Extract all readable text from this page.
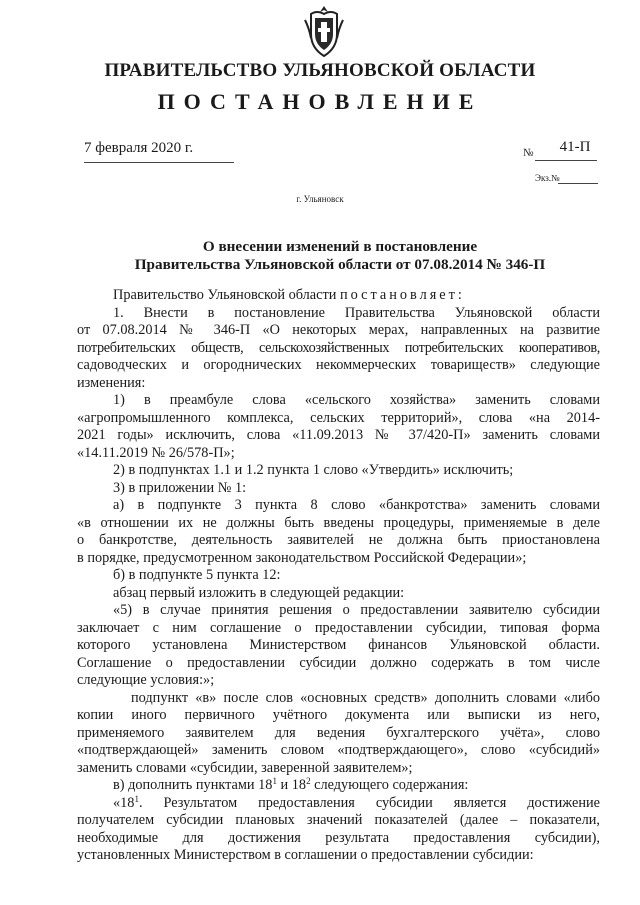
ПРАВИТЕЛЬСТВО УЛЬЯНОВСКОЙ ОБЛАСТИ
ПОСТАНОВЛЕНИЕ
7 февраля 2020 г.	№	41-П
Экз.№
г. Ульяновск
О внесении изменений в постановление
Правительства Ульяновской области от 07.08.2014 № 346-П

Правительство Ульяновской области постановляет:

1. Внести в постановление Правительства Ульяновской области

от 07.08.2014 № 346-П «О некоторых мерах, направленных на развитие

потребительских обществ, сельскохозяйственных потребительских кооперативов,

садоводческих и огороднических некоммерческих товариществ» следующие

изменения:

1) в преамбуле слова «сельского хозяйства» заменить словами

«агропромышленного комплекса, сельских территорий», слова «на 2014-

2021 годы» исключить, слова «11.09.2013 № 37/420-П» заменить словами

«14.11.2019 № 26/578-П»;

2) в подпунктах 1.1 и 1.2 пункта 1 слово «Утвердить» исключить;

3) в приложении № 1:

а) в подпункте 3 пункта 8 слово «банкротства» заменить словами

«в отношении их не должны быть введены процедуры, применяемые в деле

о банкротстве, деятельность заявителей не должна быть приостановлена

в порядке, предусмотренном законодательством Российской Федерации»;

б) в подпункте 5 пункта 12:

абзац первый изложить в следующей редакции:

«5) в случае принятия решения о предоставлении заявителю субсидии

заключает с ним соглашение о предоставлении субсидии, типовая форма

которого установлена Министерством финансов Ульяновской области.

Соглашение о предоставлении субсидии должно содержать в том числе

следующие условия:»;

подпункт «в» после слов «основных средств» дополнить словами «либо

копии иного первичного учётного документа или выписки из него,

применяемого заявителем для ведения бухгалтерского учёта», слово

«подтверждающей» заменить словом «подтверждающего», слово «субсидий»

заменить словами «субсидии, заверенной заявителем»;

в) дополнить пунктами $18^1$ и $18^2$ следующего содержания:

«$18^1$. Результатом предоставления субсидии является достижение

получателем субсидии плановых значений показателей (далее – показатели,

необходимые для достижения результата предоставления субсидии),

установленных Министерством в соглашении о предоставлении субсидии:
